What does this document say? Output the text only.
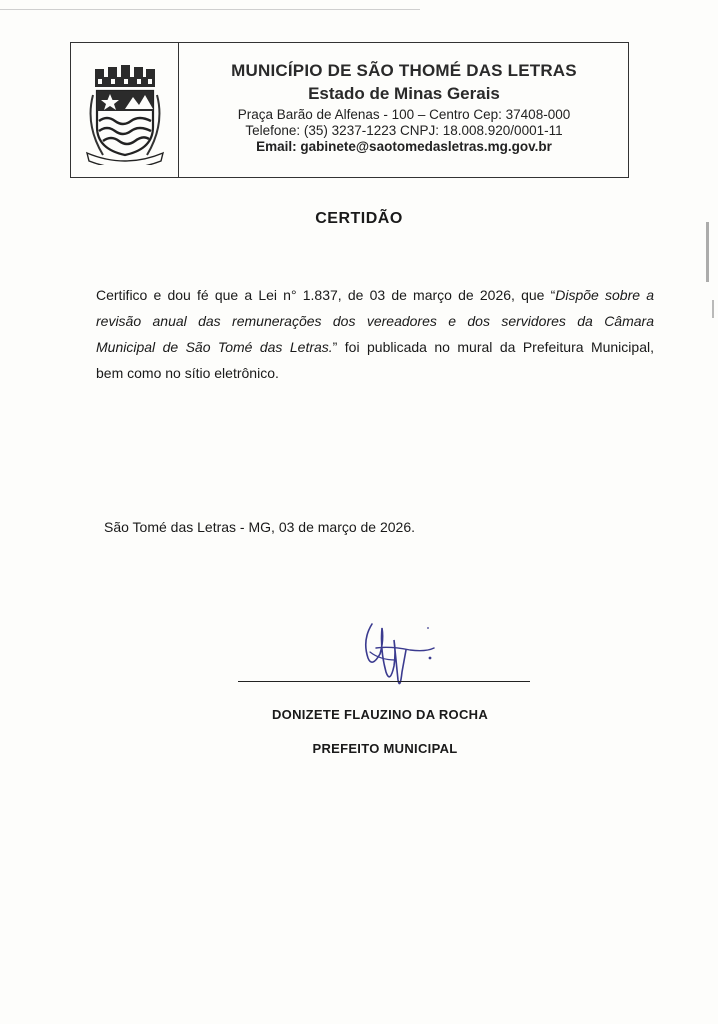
MUNICÍPIO DE SÃO THOMÉ DAS LETRAS
Estado de Minas Gerais
Praça Barão de Alfenas - 100 – Centro Cep: 37408-000
Telefone: (35) 3237-1223 CNPJ: 18.008.920/0001-11
Email: gabinete@saotomedasletras.mg.gov.br
CERTIDÃO
Certifico e dou fé que a Lei n° 1.837, de 03 de março de 2026, que “Dispõe sobre a
revisão anual das remunerações dos vereadores e dos servidores da Câmara
Municipal de São Tomé das Letras.” foi publicada no mural da Prefeitura Municipal,
bem como no sítio eletrônico.
São Tomé das Letras - MG, 03 de março de 2026.
DONIZETE FLAUZINO DA ROCHA
PREFEITO MUNICIPAL
